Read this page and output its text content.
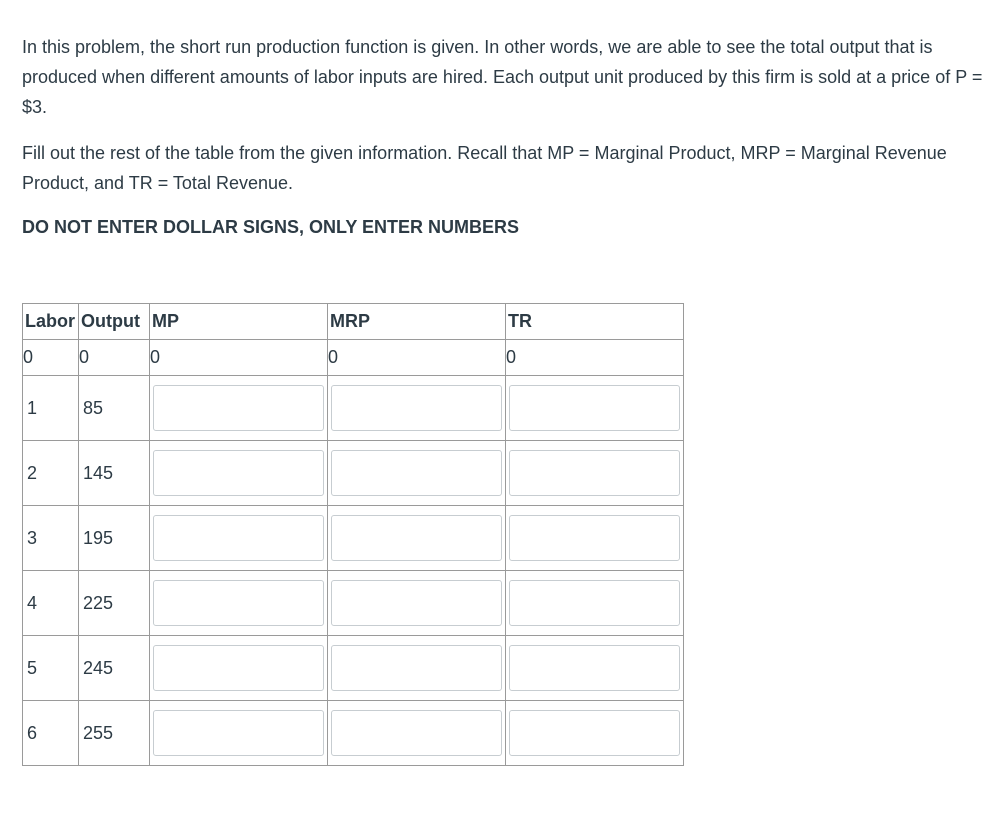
In this problem, the short run production function is given. In other words, we are able to see the total output that is produced when different amounts of labor inputs are hired. Each output unit produced by this firm is sold at a price of P = $3.

Fill out the rest of the table from the given information. Recall that MP = Marginal Product, MRP = Marginal Revenue Product, and TR = Total Revenue.

DO NOT ENTER DOLLAR SIGNS, ONLY ENTER NUMBERS

Labor	Output	MP	MRP	TR
0	0	0	0	0
1	85	

2	145	

3	195	

4	225	

5	245	

6	255	
